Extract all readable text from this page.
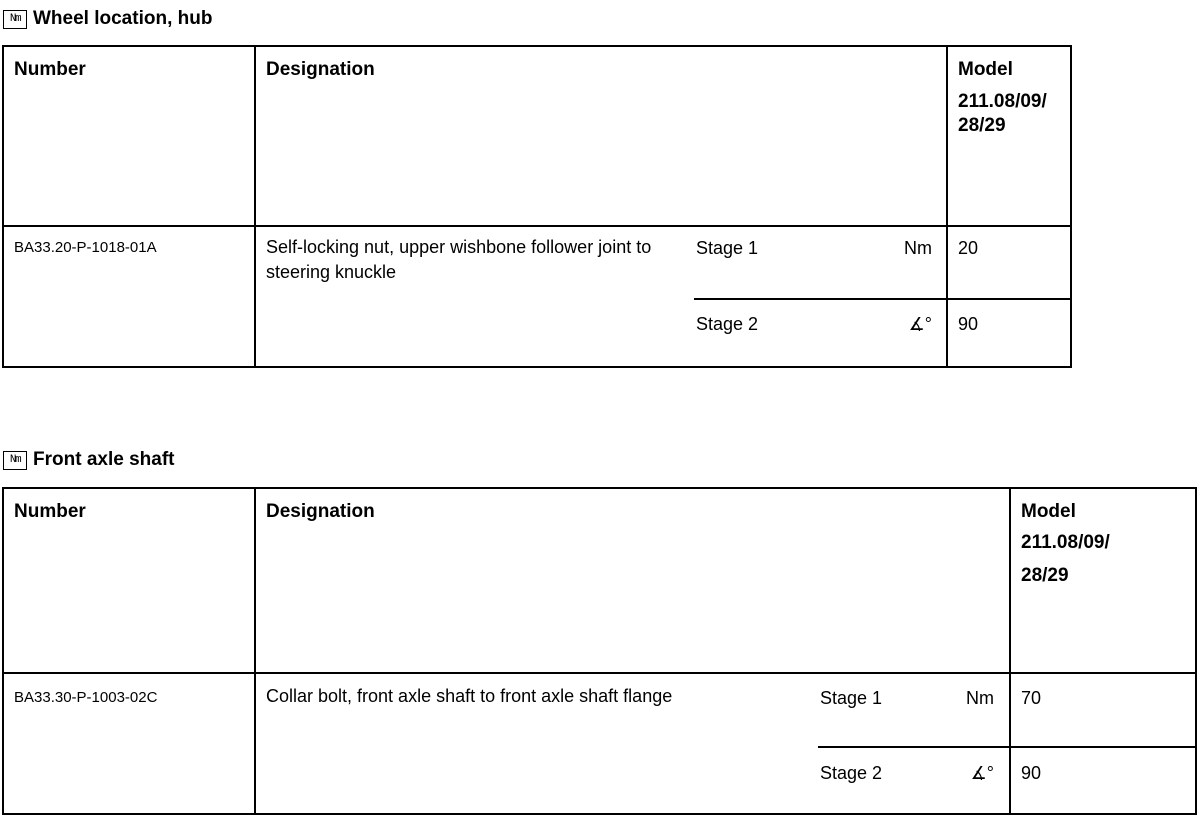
Nm Wheel location, hub
Number	Designation	Model
211.08/09/
28/29
BA33.20-P-1018-01A	Self-locking nut, upper wishbone follower joint to steering knuckle
Stage 1	Nm 20
Stage 2	∡° 90
Nm Front axle shaft
Number	Designation	Model
211.08/09/
28/29
BA33.30-P-1003-02C	Collar bolt, front axle shaft to front axle shaft flange	Stage 1	Nm 70
Stage 2	∡° 90
